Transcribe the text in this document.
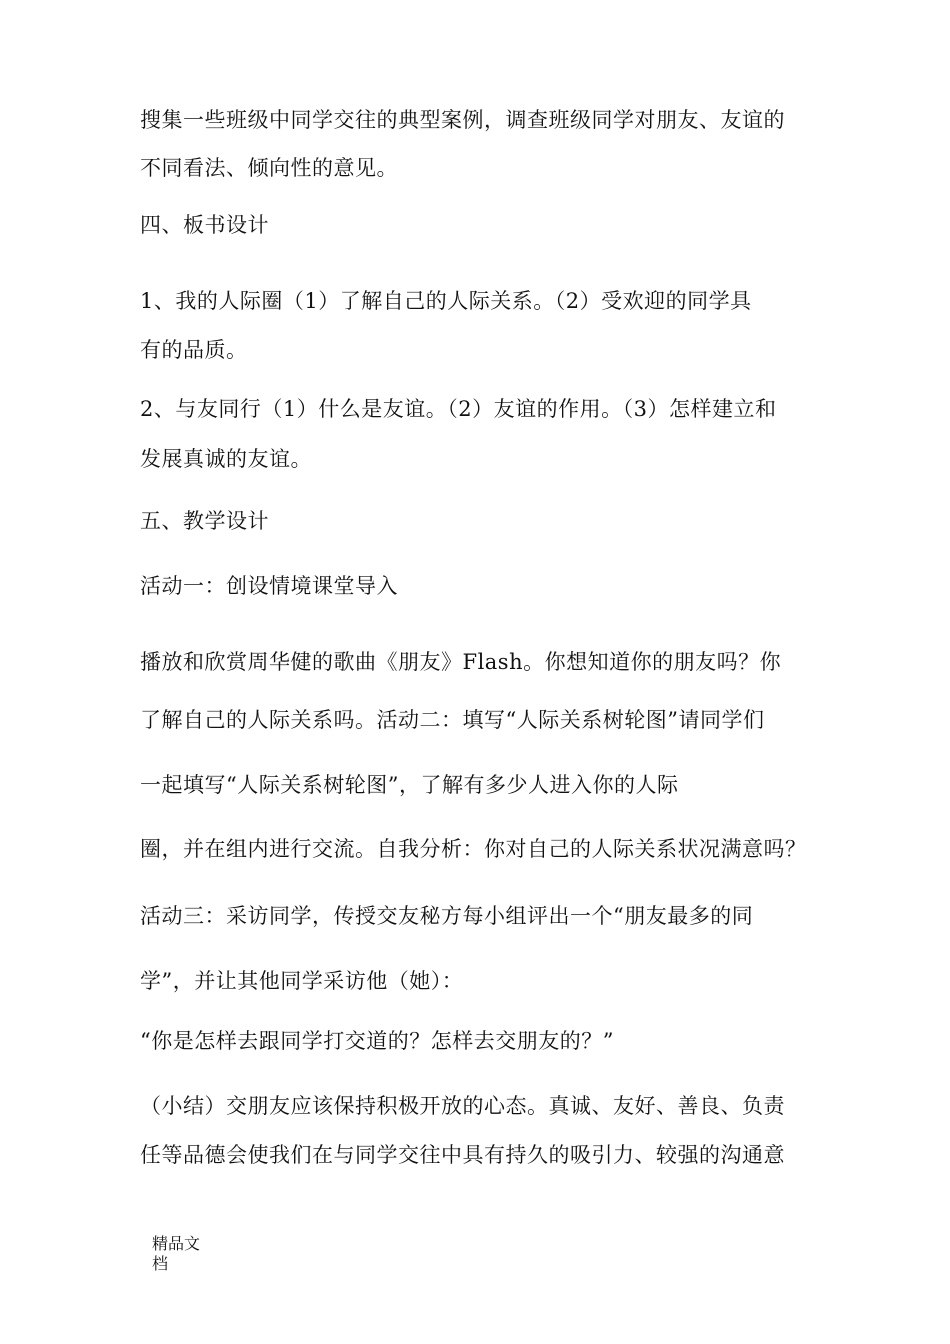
搜集一些班级中同学交往的典型案例，调查班级同学对朋友、友谊的
不同看法、倾向性的意见。
四、板书设计
1、我的人际圈（1）了解自己的人际关系。（2）受欢迎的同学具
有的品质。
2、与友同行（1）什么是友谊。（2）友谊的作用。（3）怎样建立和
发展真诚的友谊。
五、教学设计
活动一：创设情境课堂导入
播放和欣赏周华健的歌曲《朋友》Flash。你想知道你的朋友吗？你
了解自己的人际关系吗。活动二：填写“人际关系树轮图”请同学们
一起填写“人际关系树轮图”，了解有多少人进入你的人际
圈，并在组内进行交流。自我分析：你对自己的人际关系状况满意吗？
活动三：采访同学，传授交友秘方每小组评出一个“朋友最多的同
学”，并让其他同学采访他（她）：
“你是怎样去跟同学打交道的？怎样去交朋友的？”
（小结）交朋友应该保持积极开放的心态。真诚、友好、善良、负责
任等品德会使我们在与同学交往中具有持久的吸引力、较强的沟通意
精品文
档
